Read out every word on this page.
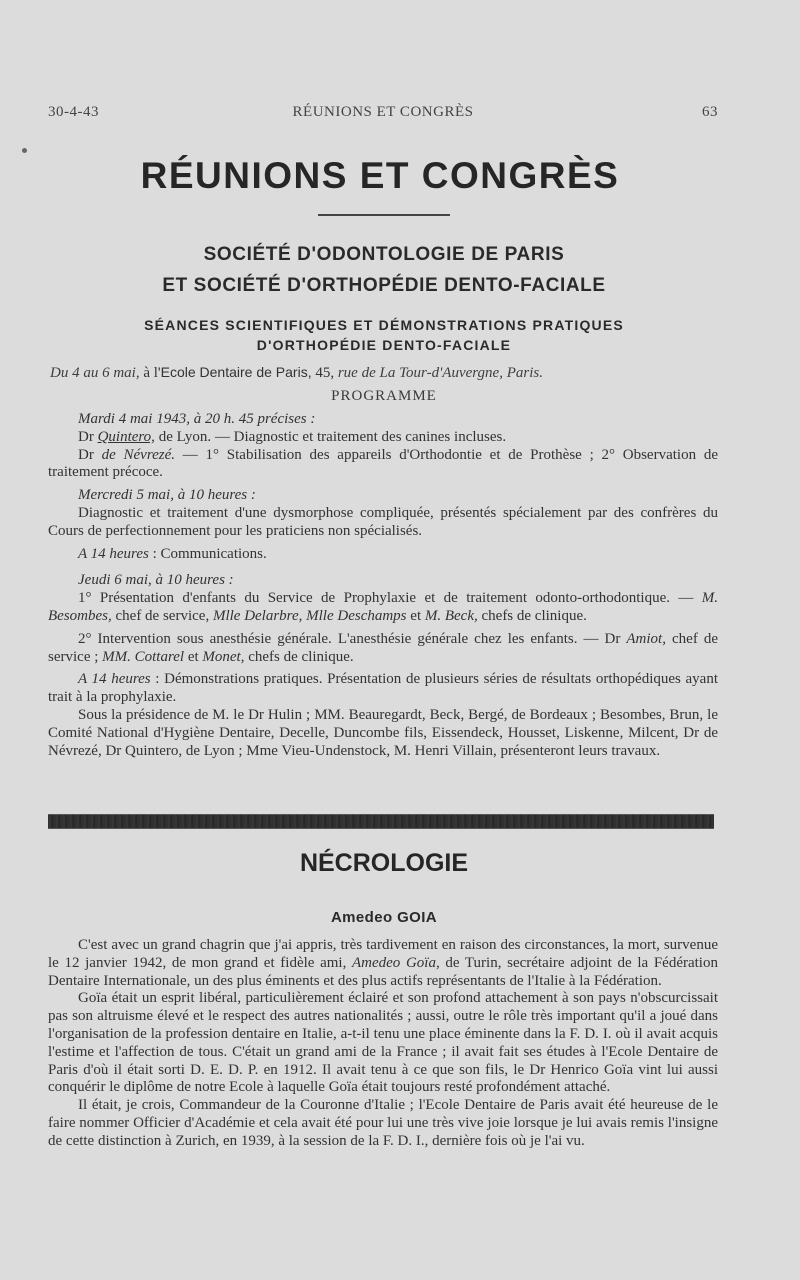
30-4-43	RÉUNIONS ET CONGRÈS	63
RÉUNIONS ET CONGRÈS
SOCIÉTÉ D'ODONTOLOGIE DE PARIS
ET SOCIÉTÉ D'ORTHOPÉDIE DENTO-FACIALE
SÉANCES SCIENTIFIQUES ET DÉMONSTRATIONS PRATIQUES
D'ORTHOPÉDIE DENTO-FACIALE
Du 4 au 6 mai, à l'Ecole Dentaire de Paris, 45, rue de La Tour-d'Auvergne, Paris.
PROGRAMME

Mardi 4 mai 1943, à 20 h. 45 précises :

Dr Quintero, de Lyon. — Diagnostic et traitement des canines incluses.

Dr de Névrezé. — 1° Stabilisation des appareils d'Orthodontie et de Prothèse ; 2° Observation de traitement précoce.

Mercredi 5 mai, à 10 heures :

Diagnostic et traitement d'une dysmorphose compliquée, présentés spécialement par des confrères du Cours de perfectionnement pour les praticiens non spécialisés.

A 14 heures : Communications.

Jeudi 6 mai, à 10 heures :

1° Présentation d'enfants du Service de Prophylaxie et de traitement odonto-orthodontique. — M. Besombes, chef de service, Mlle Delarbre, Mlle Deschamps et M. Beck, chefs de clinique.

2° Intervention sous anesthésie générale. L'anesthésie générale chez les enfants. — Dr Amiot, chef de service ; MM. Cottarel et Monet, chefs de clinique.

A 14 heures : Démonstrations pratiques. Présentation de plusieurs séries de résultats orthopédiques ayant trait à la prophylaxie.

Sous la présidence de M. le Dr Hulin ; MM. Beauregardt, Beck, Bergé, de Bordeaux ; Besombes, Brun, le Comité National d'Hygiène Dentaire, Decelle, Duncombe fils, Eissendeck, Housset, Liskenne, Milcent, Dr de Névrezé, Dr Quintero, de Lyon ; Mme Vieu-Undenstock, M. Henri Villain, présenteront leurs travaux.

NÉCROLOGIE
Amedeo GOIA

C'est avec un grand chagrin que j'ai appris, très tardivement en raison des circonstances, la mort, survenue le 12 janvier 1942, de mon grand et fidèle ami, Amedeo Goïa, de Turin, secrétaire adjoint de la Fédération Dentaire Internationale, un des plus éminents et des plus actifs représentants de l'Italie à la Fédération.

Goïa était un esprit libéral, particulièrement éclairé et son profond attachement à son pays n'obscurcissait pas son altruisme élevé et le respect des autres nationalités ; aussi, outre le rôle très important qu'il a joué dans l'organisation de la profession dentaire en Italie, a-t-il tenu une place éminente dans la F. D. I. où il avait acquis l'estime et l'affection de tous. C'était un grand ami de la France ; il avait fait ses études à l'Ecole Dentaire de Paris d'où il était sorti D. E. D. P. en 1912. Il avait tenu à ce que son fils, le Dr Henrico Goïa vint lui aussi conquérir le diplôme de notre Ecole à laquelle Goïa était toujours resté profondément attaché.

Il était, je crois, Commandeur de la Couronne d'Italie ; l'Ecole Dentaire de Paris avait été heureuse de le faire nommer Officier d'Académie et cela avait été pour lui une très vive joie lorsque je lui avais remis l'insigne de cette distinction à Zurich, en 1939, à la session de la F. D. I., dernière fois où je l'ai vu.
